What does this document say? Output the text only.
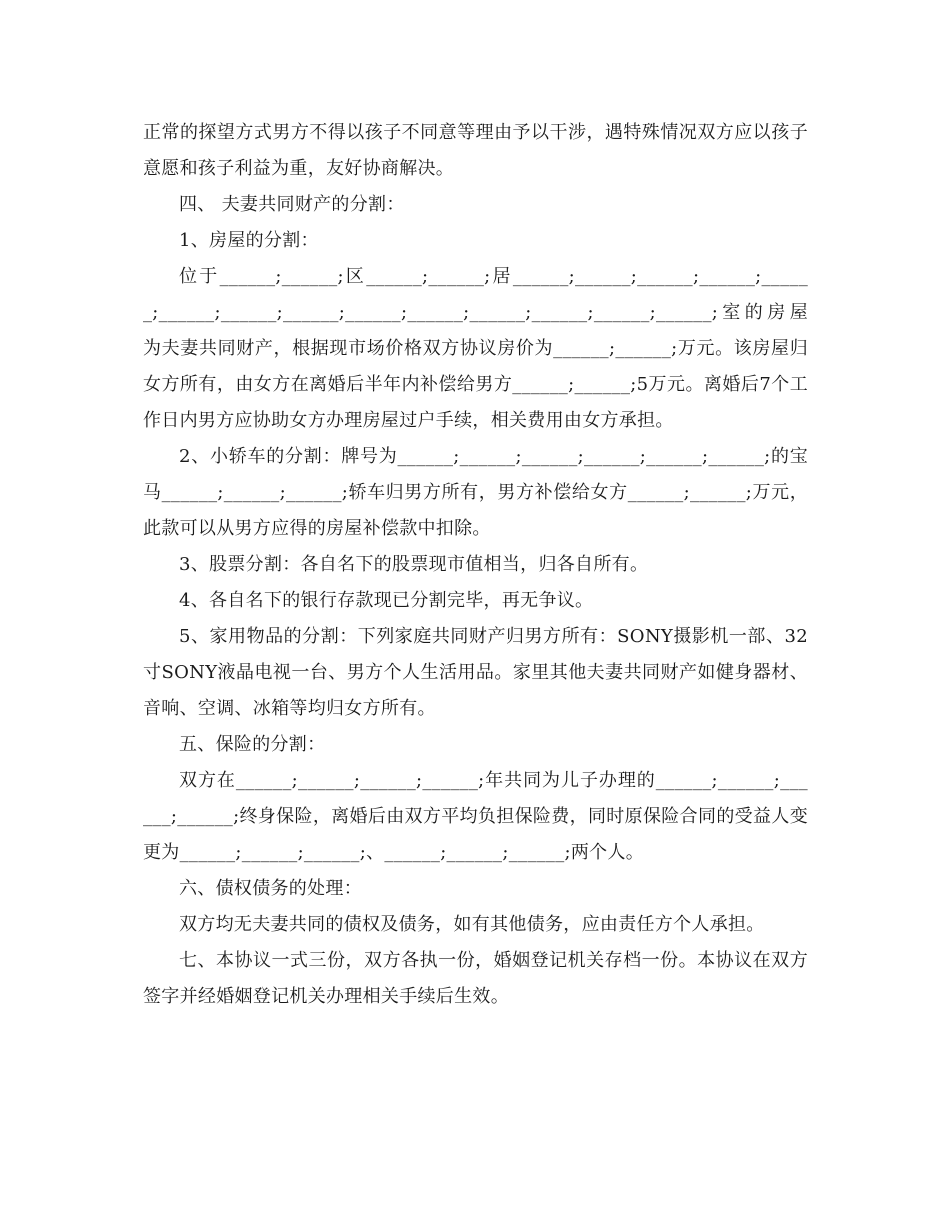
正常的探望方式男方不得以孩子不同意等理由予以干涉，遇特殊情况双方应以孩子意愿和孩子利益为重，友好协商解决。

四、 夫妻共同财产的分割：

1、房屋的分割：

位于______;______;区______;______;居______;______;______;______;______;______;______;______;______;______;______;______;______;______;室的房屋为夫妻共同财产，根据现市场价格双方协议房价为______;______;万元。该房屋归女方所有，由女方在离婚后半年内补偿给男方______;______;5万元。离婚后7个工作日内男方应协助女方办理房屋过户手续，相关费用由女方承担。

2、小轿车的分割：牌号为______;______;______;______;______;______;的宝马______;______;______;轿车归男方所有，男方补偿给女方______;______;万元，此款可以从男方应得的房屋补偿款中扣除。

3、股票分割：各自名下的股票现市值相当，归各自所有。

4、各自名下的银行存款现已分割完毕，再无争议。

5、家用物品的分割：下列家庭共同财产归男方所有：SONY摄影机一部、32寸SONY液晶电视一台、男方个人生活用品。家里其他夫妻共同财产如健身器材、音响、空调、冰箱等均归女方所有。

五、保险的分割：

双方在______;______;______;______;年共同为儿子办理的______;______;______;______;终身保险，离婚后由双方平均负担保险费，同时原保险合同的受益人变更为______;______;______;、______;______;______;两个人。

六、债权债务的处理：

双方均无夫妻共同的债权及债务，如有其他债务，应由责任方个人承担。

七、本协议一式三份，双方各执一份，婚姻登记机关存档一份。本协议在双方签字并经婚姻登记机关办理相关手续后生效。
